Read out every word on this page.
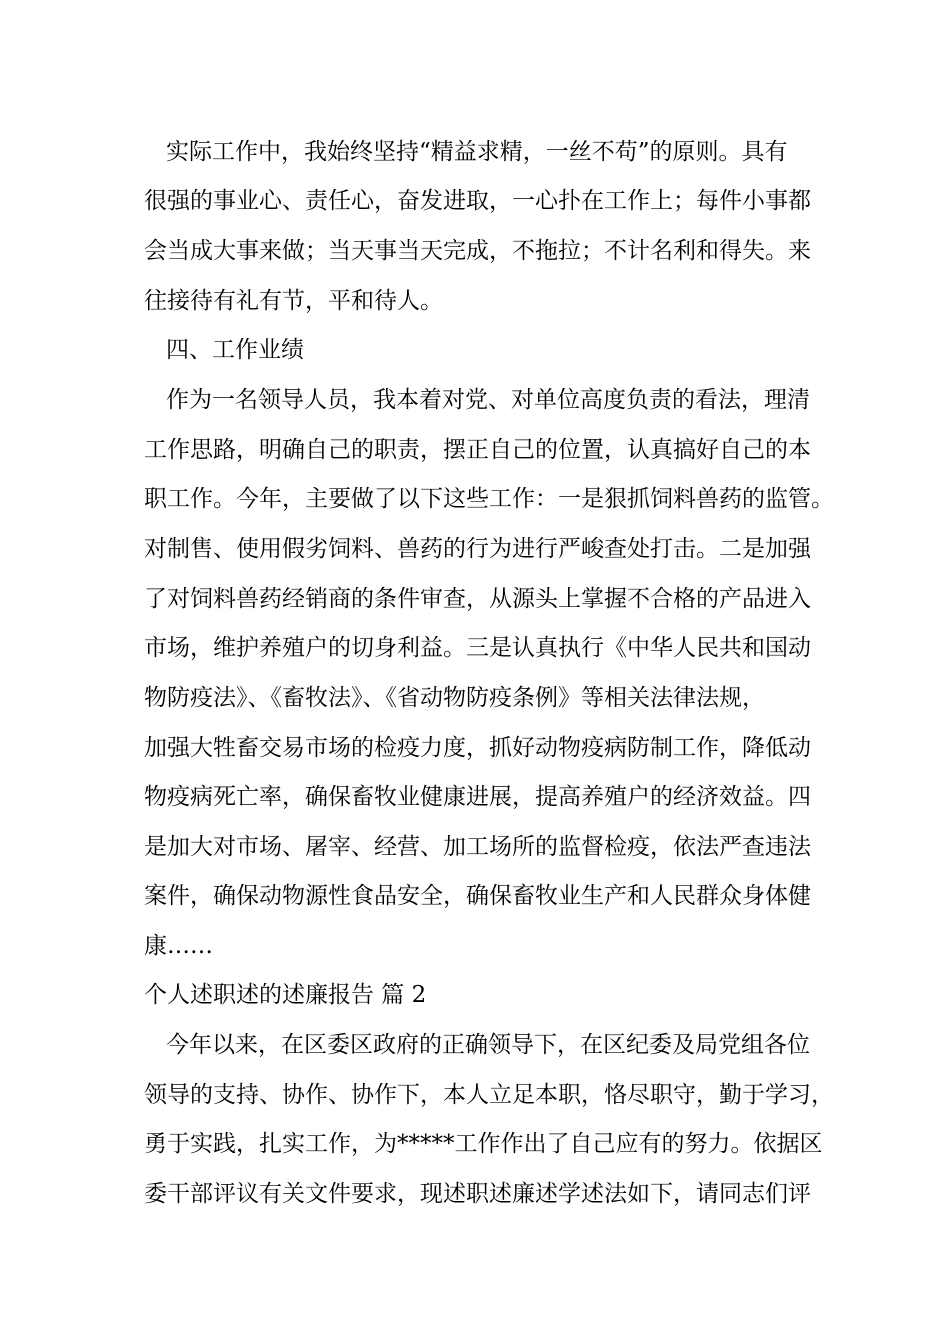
实际工作中，我始终坚持“精益求精，一丝不苟”的原则。具有
很强的事业心、责任心，奋发进取，一心扑在工作上；每件小事都
会当成大事来做；当天事当天完成，不拖拉；不计名利和得失。来
往接待有礼有节，平和待人。
四、工作业绩
作为一名领导人员，我本着对党、对单位高度负责的看法，理清
工作思路，明确自己的职责，摆正自己的位置，认真搞好自己的本
职工作。今年，主要做了以下这些工作：一是狠抓饲料兽药的监管。
对制售、使用假劣饲料、兽药的行为进行严峻查处打击。二是加强
了对饲料兽药经销商的条件审查，从源头上掌握不合格的产品进入
市场，维护养殖户的切身利益。三是认真执行《中华人民共和国动
物防疫法》、《畜牧法》、《省动物防疫条例》等相关法律法规，
加强大牲畜交易市场的检疫力度，抓好动物疫病防制工作，降低动
物疫病死亡率，确保畜牧业健康进展，提高养殖户的经济效益。四
是加大对市场、屠宰、经营、加工场所的监督检疫，依法严查违法
案件，确保动物源性食品安全，确保畜牧业生产和人民群众身体健
康……
个人述职述的述廉报告 篇 2
今年以来，在区委区政府的正确领导下，在区纪委及局党组各位
领导的支持、协作、协作下，本人立足本职，恪尽职守，勤于学习，
勇于实践，扎实工作，为*****工作作出了自己应有的努力。依据区
委干部评议有关文件要求，现述职述廉述学述法如下，请同志们评
